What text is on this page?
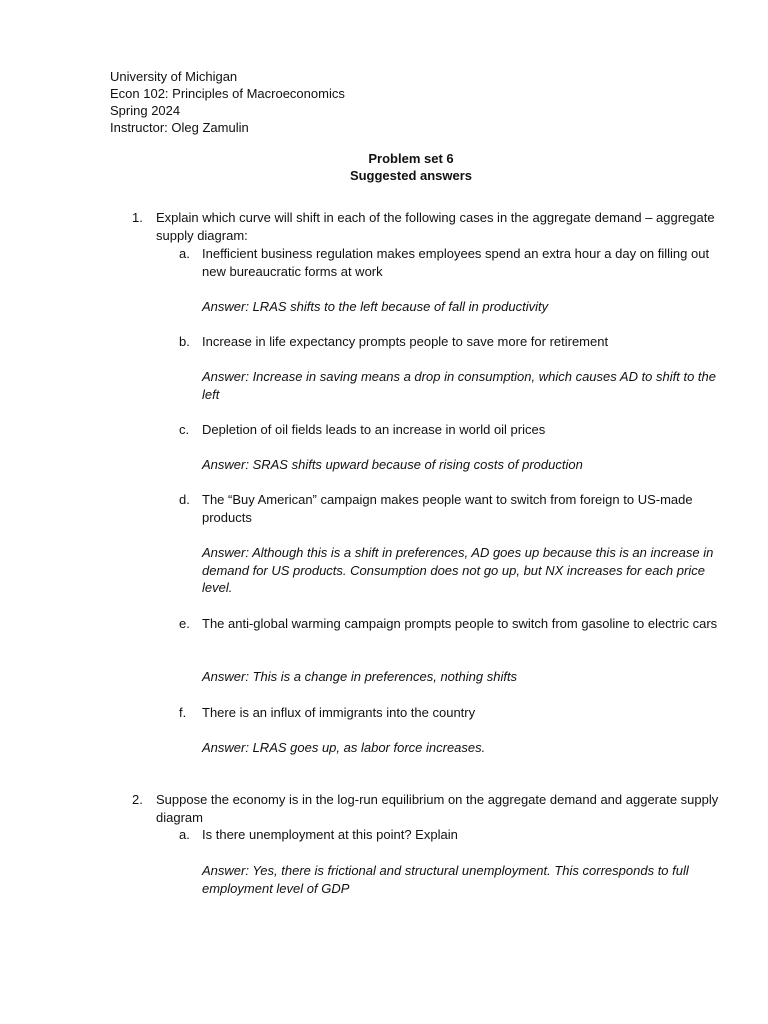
University of Michigan
Econ 102: Principles of Macroeconomics
Spring 2024
Instructor: Oleg Zamulin
Problem set 6
Suggested answers
1. Explain which curve will shift in each of the following cases in the aggregate demand – aggregate supply diagram:
a. Inefficient business regulation makes employees spend an extra hour a day on filling out new bureaucratic forms at work
Answer: LRAS shifts to the left because of fall in productivity
b. Increase in life expectancy prompts people to save more for retirement
Answer: Increase in saving means a drop in consumption, which causes AD to shift to the left
c. Depletion of oil fields leads to an increase in world oil prices
Answer: SRAS shifts upward because of rising costs of production
d. The “Buy American” campaign makes people want to switch from foreign to US-made products
Answer: Although this is a shift in preferences, AD goes up because this is an increase in demand for US products. Consumption does not go up, but NX increases for each price level.
e. The anti-global warming campaign prompts people to switch from gasoline to electric cars
Answer: This is a change in preferences, nothing shifts
f. There is an influx of immigrants into the country
Answer: LRAS goes up, as labor force increases.
2. Suppose the economy is in the log-run equilibrium on the aggregate demand and aggerate supply diagram
a. Is there unemployment at this point? Explain
Answer: Yes, there is frictional and structural unemployment. This corresponds to full employment level of GDP
